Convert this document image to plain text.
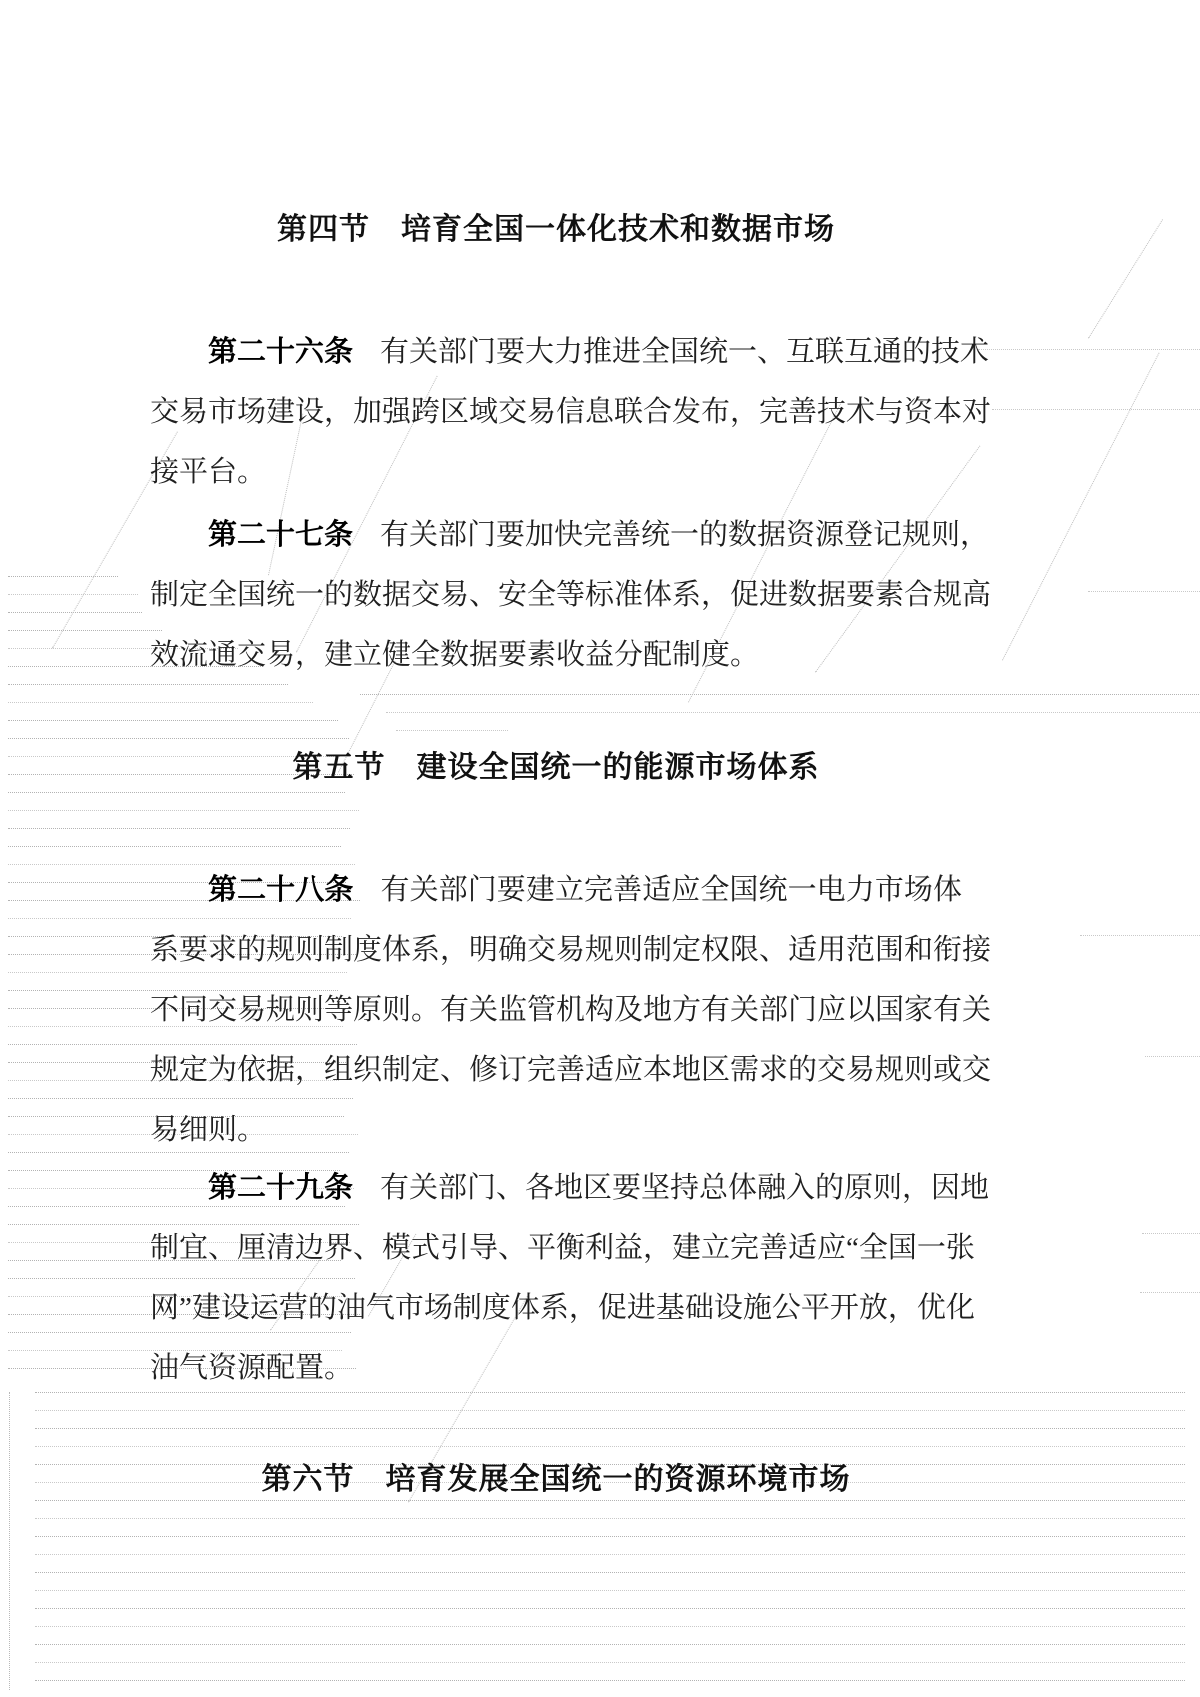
第四节　培育全国一体化技术和数据市场
第五节　建设全国统一的能源市场体系
第六节　培育发展全国统一的资源环境市场
第二十六条 有关部门要大力推进全国统一、互联互通的技术
交易市场建设，加强跨区域交易信息联合发布，完善技术与资本对
接平台。
第二十七条 有关部门要加快完善统一的数据资源登记规则，
制定全国统一的数据交易、安全等标准体系，促进数据要素合规高
效流通交易，建立健全数据要素收益分配制度。
第二十八条 有关部门要建立完善适应全国统一电力市场体
系要求的规则制度体系，明确交易规则制定权限、适用范围和衔接
不同交易规则等原则。有关监管机构及地方有关部门应以国家有关
规定为依据，组织制定、修订完善适应本地区需求的交易规则或交
易细则。
第二十九条 有关部门、各地区要坚持总体融入的原则，因地
制宜、厘清边界、模式引导、平衡利益，建立完善适应“全国一张
网”建设运营的油气市场制度体系，促进基础设施公平开放，优化
油气资源配置。
